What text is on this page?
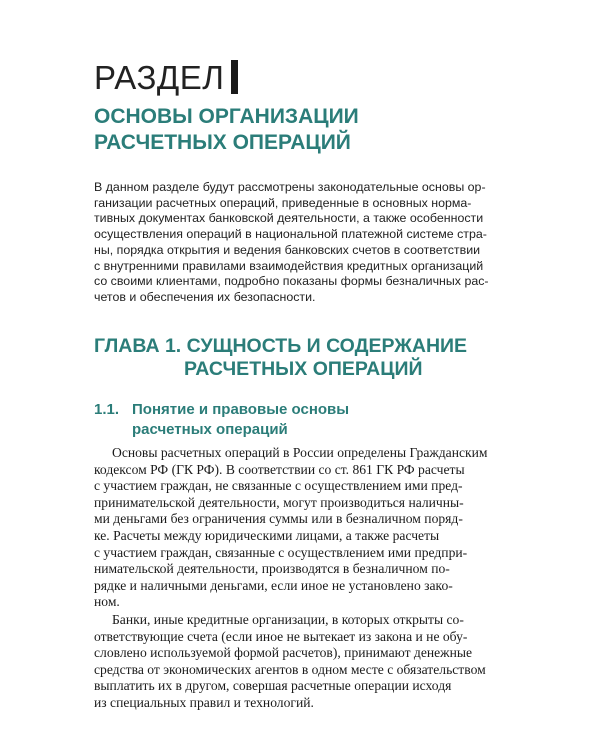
РАЗДЕЛ
ОСНОВЫ ОРГАНИЗАЦИИ
РАСЧЕТНЫХ ОПЕРАЦИЙ
В данном разделе будут рассмотрены законодательные основы ор-
ганизации расчетных операций, приведенные в основных норма-
тивных документах банковской деятельности, а также особенности
осуществления операций в национальной платежной системе стра-
ны, порядка открытия и ведения банковских счетов в соответствии
с внутренними правилами взаимодействия кредитных организаций
со своими клиентами, подробно показаны формы безналичных рас-
четов и обеспечения их безопасности.
ГЛАВА 1. СУЩНОСТЬ И СОДЕРЖАНИЕ
РАСЧЕТНЫХ ОПЕРАЦИЙ
1.1. Понятие и правовые основы
расчетных операций
Основы расчетных операций в России определены Гражданским
кодексом РФ (ГК РФ). В соответствии со ст. 861 ГК РФ расчеты
с участием граждан, не связанные с осуществлением ими пред-
принимательской деятельности, могут производиться наличны-
ми деньгами без ограничения суммы или в безналичном поряд-
ке. Расчеты между юридическими лицами, а также расчеты
с участием граждан, связанные с осуществлением ими предпри-
нимательской деятельности, производятся в безналичном по-
рядке и наличными деньгами, если иное не установлено зако-
ном.
Банки, иные кредитные организации, в которых открыты со-
ответствующие счета (если иное не вытекает из закона и не обу-
словлено используемой формой расчетов), принимают денежные
средства от экономических агентов в одном месте с обязательством
выплатить их в другом, совершая расчетные операции исходя
из специальных правил и технологий.
